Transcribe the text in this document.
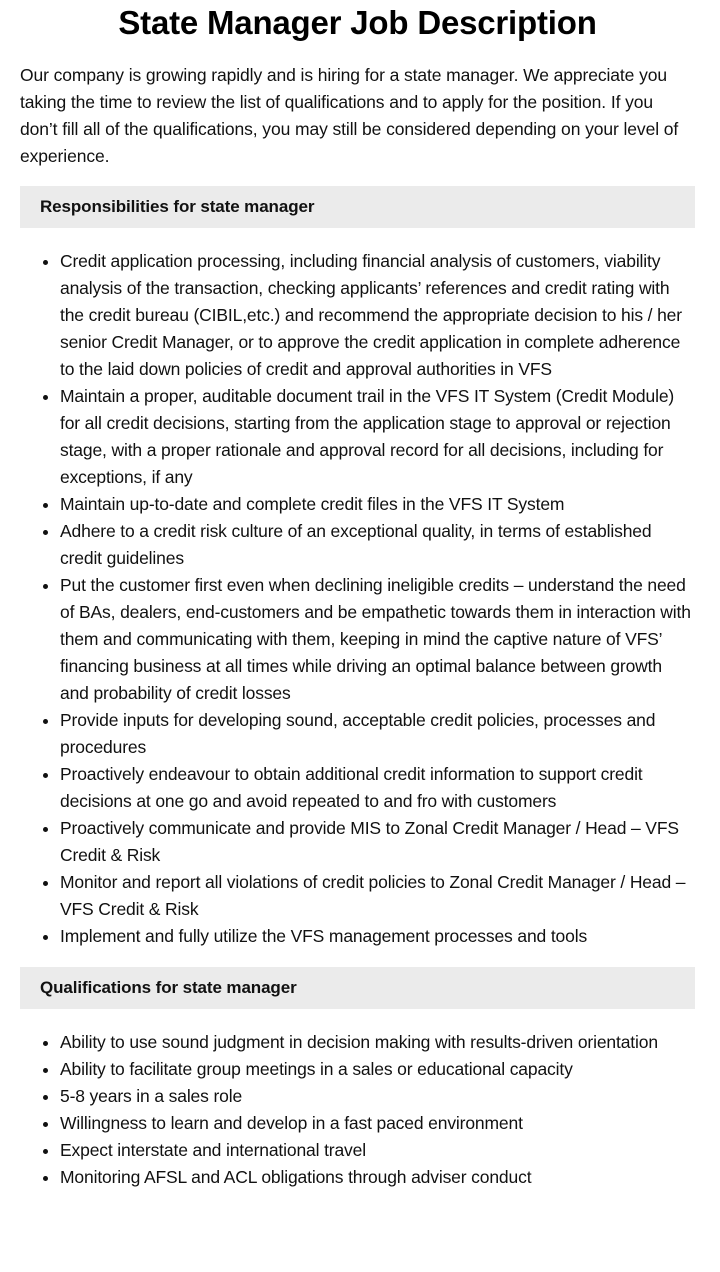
State Manager Job Description

Our company is growing rapidly and is hiring for a state manager. We appreciate you taking the time to review the list of qualifications and to apply for the position. If you don’t fill all of the qualifications, you may still be considered depending on your level of experience.

Responsibilities for state manager
Credit application processing, including financial analysis of customers, viability analysis of the transaction, checking applicants’ references and credit rating with the credit bureau (CIBIL,etc.) and recommend the appropriate decision to his / her senior Credit Manager, or to approve the credit application in complete adherence to the laid down policies of credit and approval authorities in VFS
Maintain a proper, auditable document trail in the VFS IT System (Credit Module) for all credit decisions, starting from the application stage to approval or rejection stage, with a proper rationale and approval record for all decisions, including for exceptions, if any
Maintain up-to-date and complete credit files in the VFS IT System
Adhere to a credit risk culture of an exceptional quality, in terms of established credit guidelines
Put the customer first even when declining ineligible credits – understand the need of BAs, dealers, end-customers and be empathetic towards them in interaction with them and communicating with them, keeping in mind the captive nature of VFS’ financing business at all times while driving an optimal balance between growth and probability of credit losses
Provide inputs for developing sound, acceptable credit policies, processes and procedures
Proactively endeavour to obtain additional credit information to support credit decisions at one go and avoid repeated to and fro with customers
Proactively communicate and provide MIS to Zonal Credit Manager / Head – VFS Credit & Risk
Monitor and report all violations of credit policies to Zonal Credit Manager / Head – VFS Credit & Risk
Implement and fully utilize the VFS management processes and tools
Qualifications for state manager
Ability to use sound judgment in decision making with results-driven orientation
Ability to facilitate group meetings in a sales or educational capacity
5-8 years in a sales role
Willingness to learn and develop in a fast paced environment
Expect interstate and international travel
Monitoring AFSL and ACL obligations through adviser conduct
